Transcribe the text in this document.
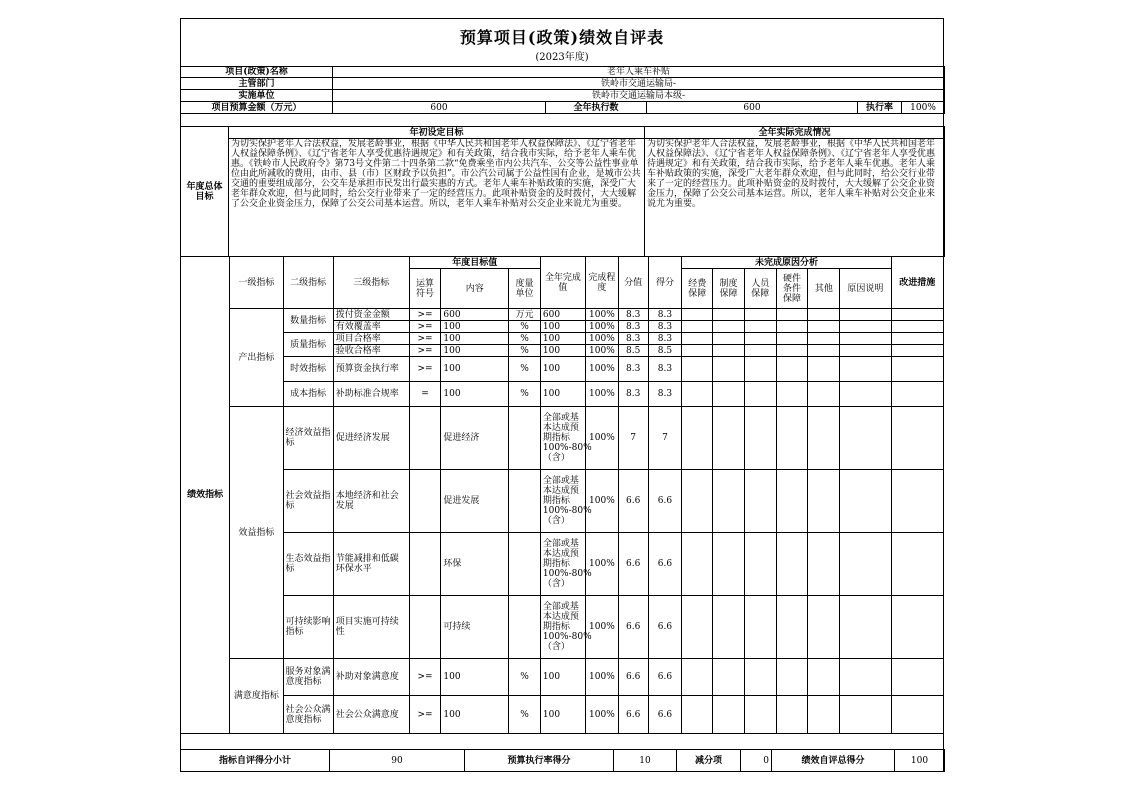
预算项目(政策)绩效自评表
(2023年度)
项目(政策)名称	老年人乘车补贴				
主管部门	铁岭市交通运输局-				
实施单位	铁岭市交通运输局本级-				
项目预算金额（万元）	600	全年执行数	600	执行率	100%
年度总体目标	年初设定目标	全年实际完成情况
	为切实保护老年人合法权益，发展老龄事业，根据《中华人民共和国老年人权益保障法》、《辽宁省老年人权益保障条例》、《辽宁省老年人享受优惠待遇规定》和有关政策，结合我市实际，给予老年人乘车优惠。《铁岭市人民政府令》第73号文件第二十四条第二款“免费乘坐市内公共汽车、公交等公益性事业单位由此所减收的费用，由市、县（市）区财政予以负担”。市公汽公司属于公益性国有企业，是城市公共交通的重要组成部分，公交车是承担市民发出行最实惠的方式。老年人乘车补贴政策的实施，深受广大老年群众欢迎，但与此同时，给公交行业带来了一定的经营压力。此项补贴资金的及时拨付，大大缓解了公交企业资金压力，保障了公交公司基本运营。所以，老年人乘车补贴对公交企业来说尤为重要。	为切实保护老年人合法权益，发展老龄事业，根据《中华人民共和国老年人权益保障法》、《辽宁省老年人权益保障条例》、《辽宁省老年人享受优惠待遇规定》和有关政策，结合我市实际，给予老年人乘车优惠。老年人乘车补贴政策的实施，深受广大老年群众欢迎，但与此同时，给公交行业带来了一定的经营压力。此项补贴资金的及时拨付，大大缓解了公交企业资金压力，保障了公交公司基本运营。所以，老年人乘车补贴对公交企业来说尤为重要。
绩效指标	一级指标	二级指标	三级指标	年度目标值			全年完成值	完成程度	分值	得分	未完成原因分析						改进措施
				运算符号	内容	度量单位					经费保障	制度保障	人员保障	硬件条件保障	其他	原因说明	
	产出指标	数量指标	拨付资金金额	>=	600	万元	600	100%	8.3	8.3							
			有效覆盖率	>=	100	%	100	100%	8.3	8.3							
		质量指标	项目合格率	>=	100	%	100	100%	8.3	8.3							
			验收合格率	>=	100	%	100	100%	8.5	8.5							
		时效指标	预算资金执行率	>=	100	%	100	100%	8.3	8.3							
		成本指标	补助标准合规率	=	100	%	100	100%	8.3	8.3							
	效益指标	经济效益指标	促进经济发展		促进经济		全部或基本达成预期指标100%-80%（含）	100%	7	7							
		社会效益指标	本地经济和社会发展		促进发展		全部或基本达成预期指标100%-80%（含）	100%	6.6	6.6							
		生态效益指标	节能减排和低碳环保水平		环保		全部或基本达成预期指标100%-80%（含）	100%	6.6	6.6							
		可持续影响指标	项目实施可持续性		可持续		全部或基本达成预期指标100%-80%（含）	100%	6.6	6.6							
	满意度指标	服务对象满意度指标	补助对象满意度	>=	100	%	100	100%	6.6	6.6							
		社会公众满意度指标	社会公众满意度	>=	100	%	100	100%	6.6	6.6							
指标自评得分小计	90	预算执行率得分	10	减分项	0	绩效自评总得分	100
